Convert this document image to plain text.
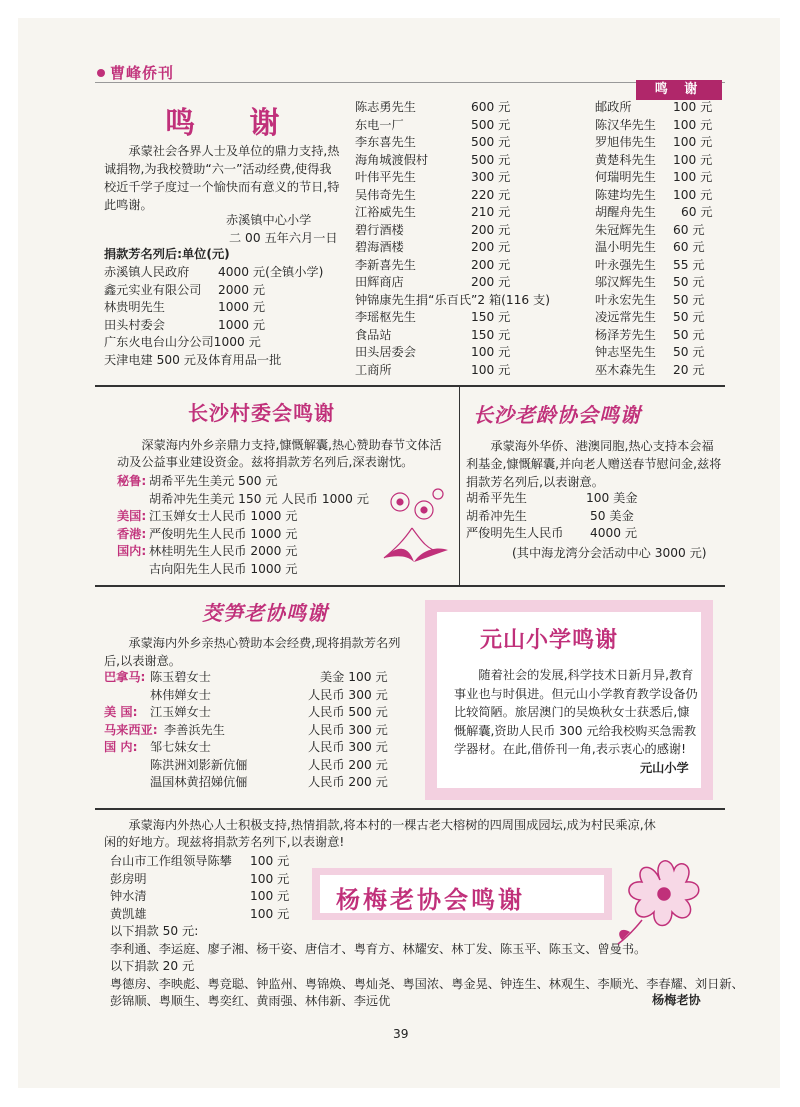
曹峰侨刊
鸣 谢
鸣 谢
承蒙社会各界人士及单位的鼎力支持,热诚捐物,为我校赞助“六一”活动经费,使得我校近千学子度过一个愉快而有意义的节日,特此鸣谢。
赤溪镇中心小学
二 00 五年六月一日
捐款芳名列后:单位(元)
赤溪镇人民政府	4000 元(全镇小学)
鑫元实业有限公司	2000 元
林贵明先生	1000 元
田头村委会	1000 元
广东火电台山分公司1000 元
天津电建 500 元及体育用品一批
陈志勇先生	600 元
东电一厂	500 元
李东喜先生	500 元
海角城渡假村	500 元
叶伟平先生	300 元
吴伟奇先生	220 元
江裕威先生	210 元
碧行酒楼	200 元
碧海酒楼	200 元
李新喜先生	200 元
田辉商店	200 元
钟锦康先生捐“乐百氏”2 箱(116 支)
李瑶枢先生	150 元
食品站	150 元
田头居委会	100 元
工商所	100 元
邮政所	100 元
陈汉华先生	100 元
罗旭伟先生	100 元
黄楚科先生	100 元
何瑞明先生	100 元
陈建均先生	100 元
胡醒舟先生	60 元
朱冠辉先生	60 元
温小明先生	60 元
叶永强先生	55 元
邬汉辉先生	50 元
叶永宏先生	50 元
凌远常先生	50 元
杨泽芳先生	50 元
钟志坚先生	50 元
巫木森先生	20 元
长沙村委会鸣谢
深蒙海内外乡亲鼎力支持,慷慨解囊,热心赞助春节文体活动及公益事业建设资金。兹将捐款芳名列后,深表谢忱。
秘鲁: 胡希平先生美元 500 元
胡希冲先生美元 150 元 人民币 1000 元
美国: 江玉婵女士人民币 1000 元
香港: 严俊明先生人民币 1000 元
国内: 林桂明先生人民币 2000 元
古向阳先生人民币 1000 元
长沙老龄协会鸣谢
承蒙海外华侨、港澳同胞,热心支持本会福利基金,慷慨解囊,并向老人赠送春节慰问金,兹将捐款芳名列后,以表谢意。
胡希平先生	100 美金
胡希冲先生	50 美金
严俊明先生人民币	4000 元
(其中海龙湾分会活动中心 3000 元)
茭笋老协鸣谢
承蒙海内外乡亲热心赞助本会经费,现将捐款芳名列后,以表谢意。
巴拿马: 陈玉碧女士	美金 100 元
林伟婵女士	人民币 300 元
美 国:	江玉婵女士	人民币 500 元
马来西亚: 李善浜先生	人民币 300 元
国 内:	邹七妹女士	人民币 300 元
陈洪洲刘影新伉俪	人民币 200 元
温国林黄招娣伉俪	人民币 200 元
元山小学鸣谢
随着社会的发展,科学技术日新月异,教育事业也与时俱进。但元山小学教育教学设备仍比较简陋。旅居澳门的吴焕秋女士获悉后,慷慨解囊,资助人民币 300 元给我校购买急需教学器材。在此,借侨刊一角,表示衷心的感谢!
元山小学
承蒙海内外热心人士积极支持,热情捐款,将本村的一棵古老大榕树的四周围成园坛,成为村民乘凉,休闲的好地方。现兹将捐款芳名列下,以表谢意!
台山市工作组领导陈攀	100 元
彭房明	100 元
钟水清	100 元
黄凯雄	100 元
以下捐款 50 元:
李利通、李运庭、廖子湘、杨干姿、唐信才、粤育方、林耀安、林丁发、陈玉平、陈玉文、曾曼书。
以下捐款 20 元
粤德房、李映彪、粤竞聪、钟监州、粤锦焕、粤灿尧、粤国浓、粤金晃、钟连生、林观生、李顺光、李春耀、刘日新、
彭锦顺、粤顺生、粤奕红、黄雨强、林伟新、李远优	杨梅老协
杨梅老协会鸣谢
39
